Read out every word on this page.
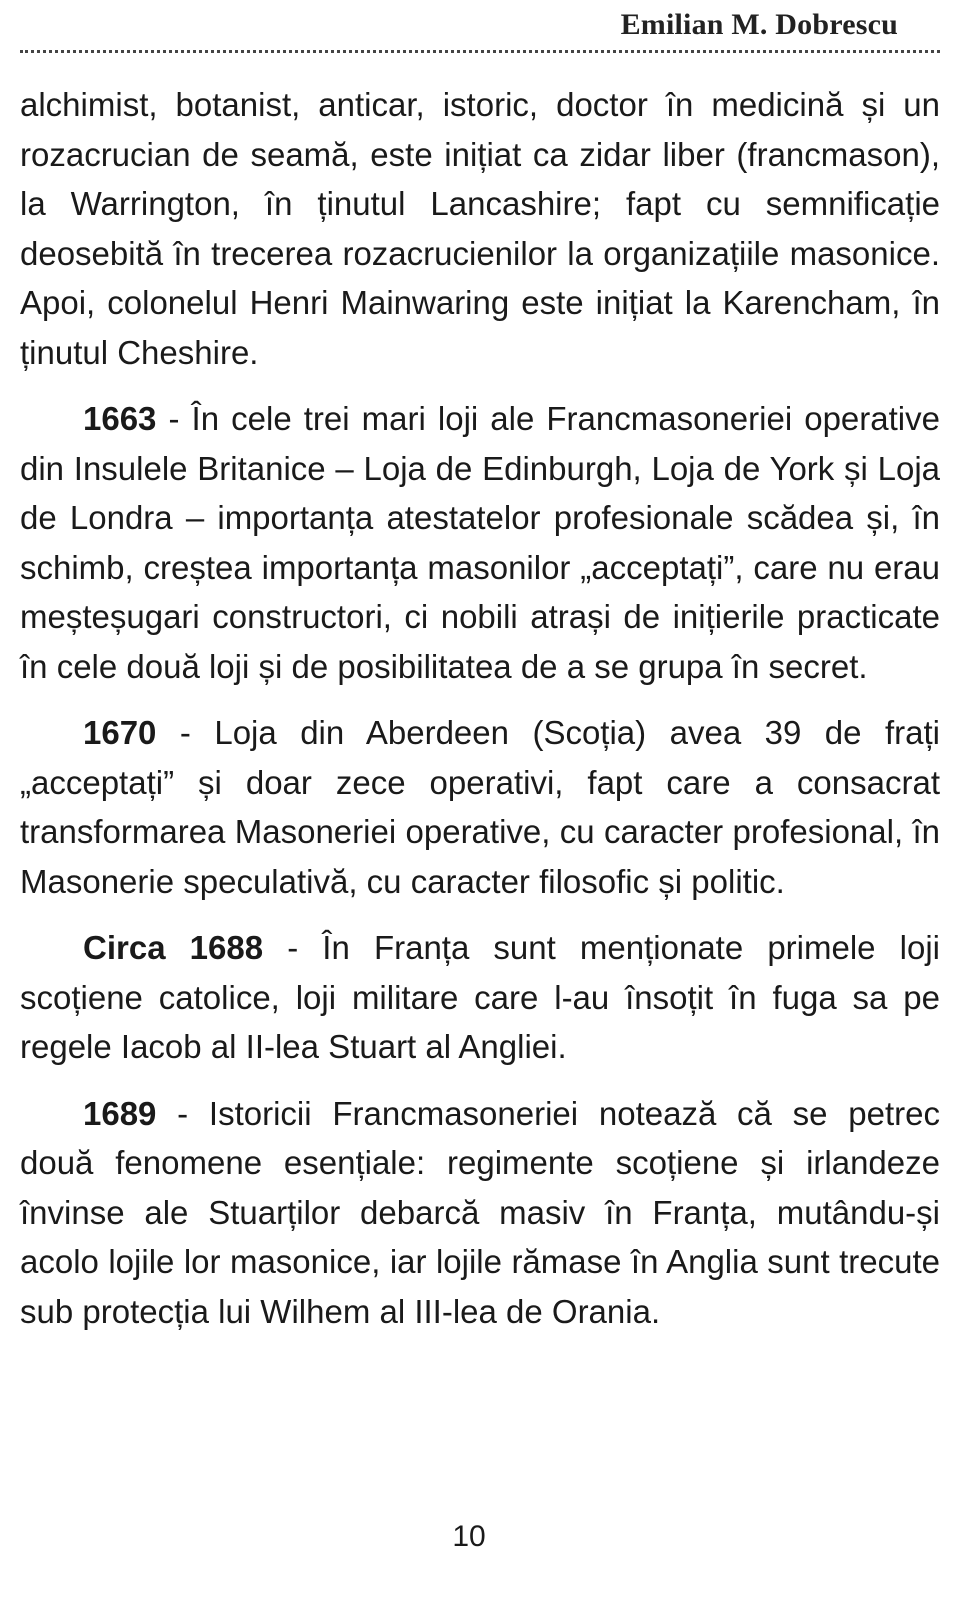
Emilian M. Dobrescu

alchimist, botanist, anticar, istoric, doctor în medicină și un rozacrucian de seamă, este inițiat ca zidar liber (francmason), la Warrington, în ținutul Lancashire; fapt cu semnificație deosebită în trecerea rozacrucienilor la organizațiile masonice. Apoi, colonelul Henri Mainwaring este inițiat la Karencham, în ținutul Cheshire.

1663 - În cele trei mari loji ale Francmasoneriei operative din Insulele Britanice – Loja de Edinburgh, Loja de York și Loja de Londra – importanța atestatelor profesionale scădea și, în schimb, creștea importanța masonilor „acceptați”, care nu erau meșteșugari constructori, ci nobili atrași de inițierile practicate în cele două loji și de posibilitatea de a se grupa în secret.

1670 - Loja din Aberdeen (Scoția) avea 39 de frați „acceptați” și doar zece operativi, fapt care a consacrat transformarea Masoneriei operative, cu caracter profesional, în Masonerie speculativă, cu caracter filosofic și politic.

Circa 1688 - În Franța sunt menționate primele loji scoțiene catolice, loji militare care l-au însoțit în fuga sa pe regele Iacob al II-lea Stuart al Angliei.

1689 - Istoricii Francmasoneriei notează că se petrec două fenomene esențiale: regimente scoțiene și irlandeze învinse ale Stuarților debarcă masiv în Franța, mutându-și acolo lojile lor masonice, iar lojile rămase în Anglia sunt trecute sub protecția lui Wilhem al III-lea de Orania.

10
